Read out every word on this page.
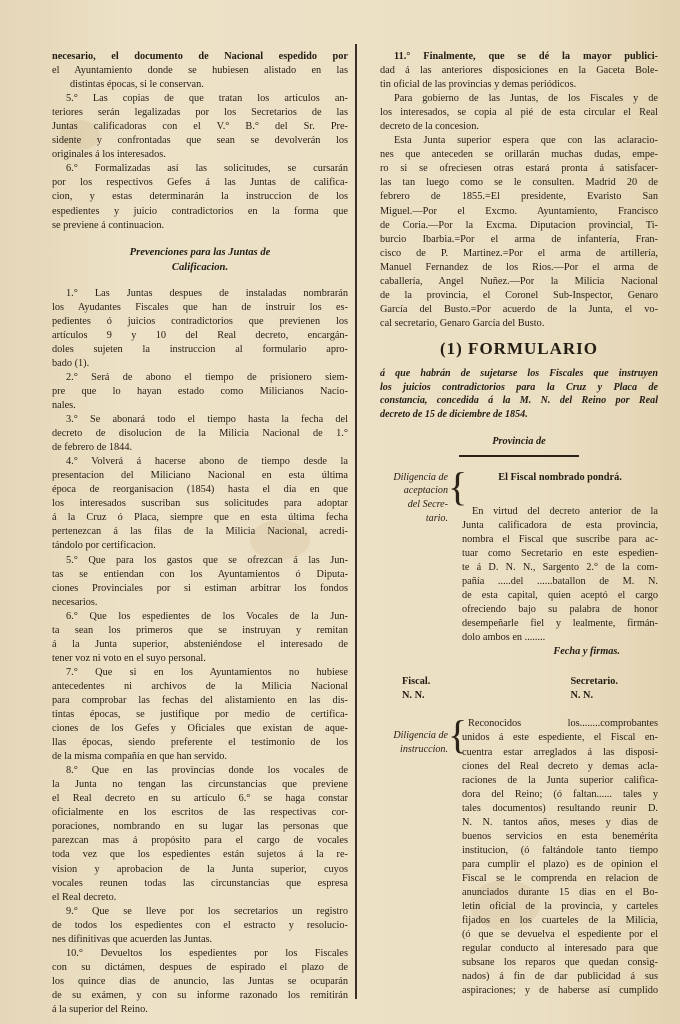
necesario, el documento de Nacional espedido por
el Ayuntamiento donde se hubiesen alistado en las
distintas épocas, si le conservan.

5.° Las copias de que tratan los articulos an-
teriores serán legalizadas por los Secretarios de las
Juntas calificadoras con el V.° B.° del Sr. Pre-
sidente y confrontadas que sean se devolverán los
originales á los interesados.

6.° Formalizadas así las solicitudes, se cursarán
por los respectivos Gefes á las Juntas de califica-
cion, y estas determinarán la instruccion de los
espedientes y juicio contradictorios en la forma que
se previene á continuacion.

Prevenciones para las Juntas de
Calificacion.

1.° Las Juntas despues de instaladas nombrarán
los Ayudantes Fiscales que han de instruir los es-
pedientes ó juicios contradictorios que previenen los
artículos 9 y 10 del Real decreto, encargán-
doles sujeten la instruccion al formulario apro-
bado (1).

2.° Será de abono el tiempo de prisionero siem-
pre que lo hayan estado como Milicianos Nacio-
nales.

3.° Se abonará todo el tiempo hasta la fecha del
decreto de disolucion de la Milicia Nacional de 1.°
de febrero de 1844.

4.° Volverá á hacerse abono de tiempo desde la
presentacion del Miliciano Nacional en esta última
época de reorganisacion (1854) hasta el dia en que
los interesados suscriban sus solicitudes para adoptar
á la Cruz ó Placa, siempre que en esta última fecha
pertenezcan á las filas de la Milicia Nacional, acredi-
tándolo por certificacion.

5.° Que para los gastos que se ofrezcan á las Jun-
tas se entiendan con los Ayuntamientos ó Diputa-
ciones Provinciales por si estiman arbitrar los fondos
necesarios.

6.° Que los espedientes de los Vocales de la Jun-
ta sean los primeros que se instruyan y remitan
á la Junta superior, absteniéndose el interesado de
tener voz ni voto en el suyo personal.

7.° Que si en los Ayuntamientos no hubiese
antecedentes ni archivos de la Milicia Nacional
para comprobar las fechas del alistamiento en las dis-
tintas épocas, se justifique por medio de certifica-
ciones de los Gefes y Oficiales que existan de aque-
llas épocas, siendo preferente el testimonio de los
de la misma compañía en que han servido.

8.° Que en las provincias donde los vocales de
la Junta no tengan las circunstancias que previene
el Real decreto en su artículo 6.° se haga constar
oficialmente en los escritos de las respectivas cor-
poraciones, nombrando en su lugar las personas que
parezcan mas á propósito para el cargo de vocales
toda vez que los espedientes están sujetos á la re-
vision y aprobacion de la Junta superior, cuyos
vocales reunen todas las circunstancias que espresa
el Real decreto.

9.° Que se lleve por los secretarios un registro
de todos los espedientes con el estracto y resolucio-
nes difinitivas que acuerden las Juntas.

10.° Devueltos los espedientes por los Fiscales
con su dictámen, despues de espirado el plazo de
los quince dias de anuncio, las Juntas se ocuparán
de su exámen, y con su informe razonado los remitirán
á la superior del Reino.

11.° Finalmente, que se dé la mayor publici-
dad á las anteriores disposiciones en la Gaceta Bole-
tin oficial de las provincias y demas periódicos.

Para gobierno de las Juntas, de los Fiscales y de
los interesados, se copia al pié de esta circular el Real
decreto de la concesion.

Esta Junta superior espera que con las aclaracio-
nes que anteceden se orillarán muchas dudas, empe-
ro si se ofreciesen otras estará pronta á satisfacer-
las tan luego como se le consulten. Madrid 20 de
febrero de 1855.=El presidente, Evaristo San
Miguel.—Por el Excmo. Ayuntamiento, Francisco
de Coria.—Por la Excma. Diputacion provincial, Ti-
burcio Ibarbia.=Por el arma de infantería, Fran-
cisco de P. Martinez.=Por el arma de artillería,
Manuel Fernandez de los Rios.—Por el arma de
caballería, Angel Nuñez.—Por la Milicia Nacional
de la provincia, el Coronel Sub-Inspector, Genaro
García del Busto.=Por acuerdo de la Junta, el vo-
cal secretario, Genaro García del Busto.

(1) FORMULARIO

á que habrán de sujetarse los Fiscales que instruyen
los juicios contradictorios para la Cruz y Placa de
constancia, concedida á la M. N. del Reino por Real
decreto de 15 de diciembre de 1854.

Provincia de
Diligencia de
aceptacion
del Secre-
tario.
{	El Fiscal nombrado pondrá.

En virtud del decreto anterior de la
Junta calificadora de esta provincia,
nombra el Fiscal que suscribe para ac-
tuar como Secretario en este espedien-
te á D. N. N., Sargento 2.° de la com-
pañía .....del ......batallon de M. N.
de esta capital, quien aceptó el cargo
ofreciendo bajo su palabra de honor
desempeñarle fiel y lealmente, firmán-
dolo ambos en ........

Fecha y firmas.

Fiscal.
N. N.
Secretario.
N. N.
Diligencia de
instruccion. { Reconocidos los........comprobantes
unidos á este espediente, el Fiscal en-
cuentra estar arreglados á las disposi-
ciones del Real decreto y demas acla-
raciones de la Junta superior califica-
dora del Reino; (ó faltan...... tales y
tales documentos) resultando reunir D.
N. N. tantos años, meses y dias de
buenos servicios en esta benemérita
institucion, (ó faltándole tanto tiempo
para cumplir el plazo) es de opinion el
Fiscal se le comprenda en relacion de
anunciados durante 15 dias en el Bo-
letin oficial de la provincia, y carteles
fijados en los cuarteles de la Milicia,
(ó que se devuelva el espediente por el
regular conducto al interesado para que
subsane los reparos que quedan consig-
nados) á fin de dar publicidad á sus
aspiraciones; y de haberse así cumplido
